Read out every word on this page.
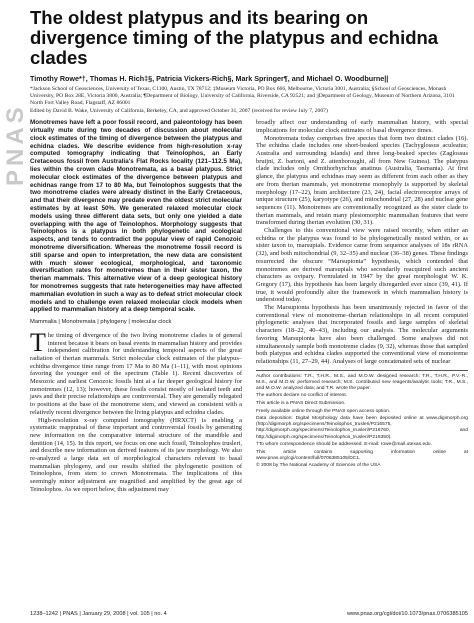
PNAS
The oldest platypus and its bearing on divergence timing of the platypus and echidna clades
Timothy Rowe*†, Thomas H. Rich‡§, Patricia Vickers-Rich§, Mark Springer¶, and Michael O. Woodburne||
*Jackson School of Geosciences, University of Texas, C1100, Austin, TX 78712; ‡Museum Victoria, PO Box 666, Melbourne, Victoria 3001, Australia; §School of Geosciences, Monash University, PO Box 28E, Victoria 3800, Australia; ¶Department of Biology, University of California, Riverside, CA 92521; and ||Department of Geology, Museum of Northern Arizona, 3101 North Fort Valley Road, Flagstaff, AZ 86001
Edited by David B. Wake, University of California, Berkeley, CA, and approved October 31, 2007 (received for review July 7, 2007)

Monotremes have left a poor fossil record, and paleontology has been virtually mute during two decades of discussion about molecular clock estimates of the timing of divergence between the platypus and echidna clades. We describe evidence from high-resolution x-ray computed tomography indicating that Teinolophos, an Early Cretaceous fossil from Australia's Flat Rocks locality (121–112.5 Ma), lies within the crown clade Monotremata, as a basal platypus. Strict molecular clock estimates of the divergence between platypus and echidnas range from 17 to 80 Ma, but Teinolophos suggests that the two monotreme clades were already distinct in the Early Cretaceous, and that their divergence may predate even the oldest strict molecular estimates by at least 50%. We generated relaxed molecular clock models using three different data sets, but only one yielded a date overlapping with the age of Teinolophos. Morphology suggests that Teinolophos is a platypus in both phylogenetic and ecological aspects, and tends to contradict the popular view of rapid Cenozoic monotreme diversification. Whereas the monotreme fossil record is still sparse and open to interpretation, the new data are consistent with much slower ecological, morphological, and taxonomic diversification rates for monotremes than in their sister taxon, the therian mammals. This alternative view of a deep geological history for monotremes suggests that rate heterogeneities may have affected mammalian evolution in such a way as to defeat strict molecular clock models and to challenge even relaxed molecular clock models when applied to mammalian history at a deep temporal scale.

Mammalia | Monotremata | phylogeny | molecular clock

The timing of divergence of the two living monotreme clades is of general interest because it bears on basal events in mammalian history and provides independent calibration for understanding temporal aspects of the great radiation of therian mammals. Strict molecular clock estimates of the platypus–echidna divergence time range from 17 Ma to 80 Ma (1–11), with most opinions favoring the younger end of the spectrum (Table 1). Recent discoveries of Mesozoic and earliest Cenozoic fossils hint at a far deeper geological history for monotremes (12, 13); however, these fossils consist mostly of isolated teeth and jaws and their precise relationships are controversial. They are generally relegated to positions at the base of the monotreme stem, and viewed as consistent with a relatively recent divergence between the living platypus and echidna clades.

High-resolution x-ray computed tomography (HRXCT) is enabling a systematic reappraisal of these important and controversial fossils by generating new information on the comparative internal structure of the mandible and dentition (14, 15). In this report, we focus on one such fossil, Teinolophos trusleri, and describe new information on derived features of its jaw morphology. We also re-analyzed a large data set of morphological characters relevant to basal mammalian phylogeny, and our results shifted the phylogenetic position of Teinolophos, from stem to crown Monotremata. The implications of this seemingly minor adjustment are magnified and amplified by the great age of Teinolophos. As we report below, this adjustment may

broadly affect our understanding of early mammalian history, with special implications for molecular clock estimates of basal divergence times.

Monotremata today comprises five species that form two distinct clades (16). The echidna clade includes one short-beaked species (Tachyglossus aculeatus; Australia and surrounding islands) and three long-beaked species (Zaglossus bruijni, Z. bartoni, and Z. attenboroughi, all from New Guinea). The platypus clade includes only Ornithorhynchus anatinus (Australia, Tasmania). At first glance, the platypus and echidnas may seem as different from each other as they are from therian mammals, yet monotreme monophyly is supported by skeletal morphology (17–22), brain architecture (23, 24), facial electroreceptor arrays of unique structure (25), karyotype (26), and mitochondrial (27, 28) and nuclear gene sequences (11). Monotremes are conventionally recognized as the sister clade to therian mammals, and retain many plesiomorphic mammalian features that were transformed during therian evolution (30, 31).

Challenges to this conventional view were raised recently, when either an echidna or the platypus was found to be phylogenetically nested within, or as sister taxon to, marsupials. Evidence came from sequence analyses of 18s rRNA (32), and both mitochondrial (9, 32–35) and nuclear (36–38) genes. These findings resurrected the obscure “Marsupionta” hypothesis, which contended that monotremes are derived marsupials who secondarily reacquired such ancient characters as ovipary. Formulated in 1947 by the great morphologist W. K. Gregory (17), this hypothesis has been largely disregarded ever since (39, 41). If true, it would profoundly alter the framework in which mammalian history is understood today.

The Marsupionta hypothesis has been unanimously rejected in favor of the conventional view of monotreme–therian relationships in all recent computed phylogenetic analyses that incorporated fossils and large samples of skeletal characters (18–22, 40–43), including our analysis. The molecular arguments favoring Marsupionta have also been challenged. Some analyses did not simultaneously sample both monotreme clades (9, 32), whereas those that sampled both platypus and echidna clades supported the conventional view of monotreme relationships (11, 27–29, 44). Analyses of large concatenated sets of nuclear

Author contributions: T.R., T.H.R., M.S., and M.O.W. designed research; T.R., T.H.R., P.V.-R., M.S., and M.O.W. performed research; M.S. contributed new reagents/analytic tools; T.R., M.S., and M.O.W. analyzed data; and T.R. wrote the paper.

The authors declare no conflict of interest.

This article is a PNAS Direct Submission.

Freely available online through the PNAS open access option.

Data deposition: Digital Morphology data have been deposited online at www.digimorph.org (http://digimorph.org/specimens/Teinolophos_trusleri/P216575, http://digimorph.org/specimens/Teinolophos_trusleri/P216760, and http://digimorph.org/specimens/Teinolophos_trusleri/P219350).

†To whom correspondence should be addressed. E-mail: rowe@mail.utexas.edu.

This article contains supporting information online at www.pnas.org/cgi/content/full/0706385105/DC1.

© 2008 by The National Academy of Sciences of the USA

1238–1242 | PNAS | January 29, 2008 | vol. 105 | no. 4	www.pnas.org/cgi/doi/10.1073/pnas.0706385105
